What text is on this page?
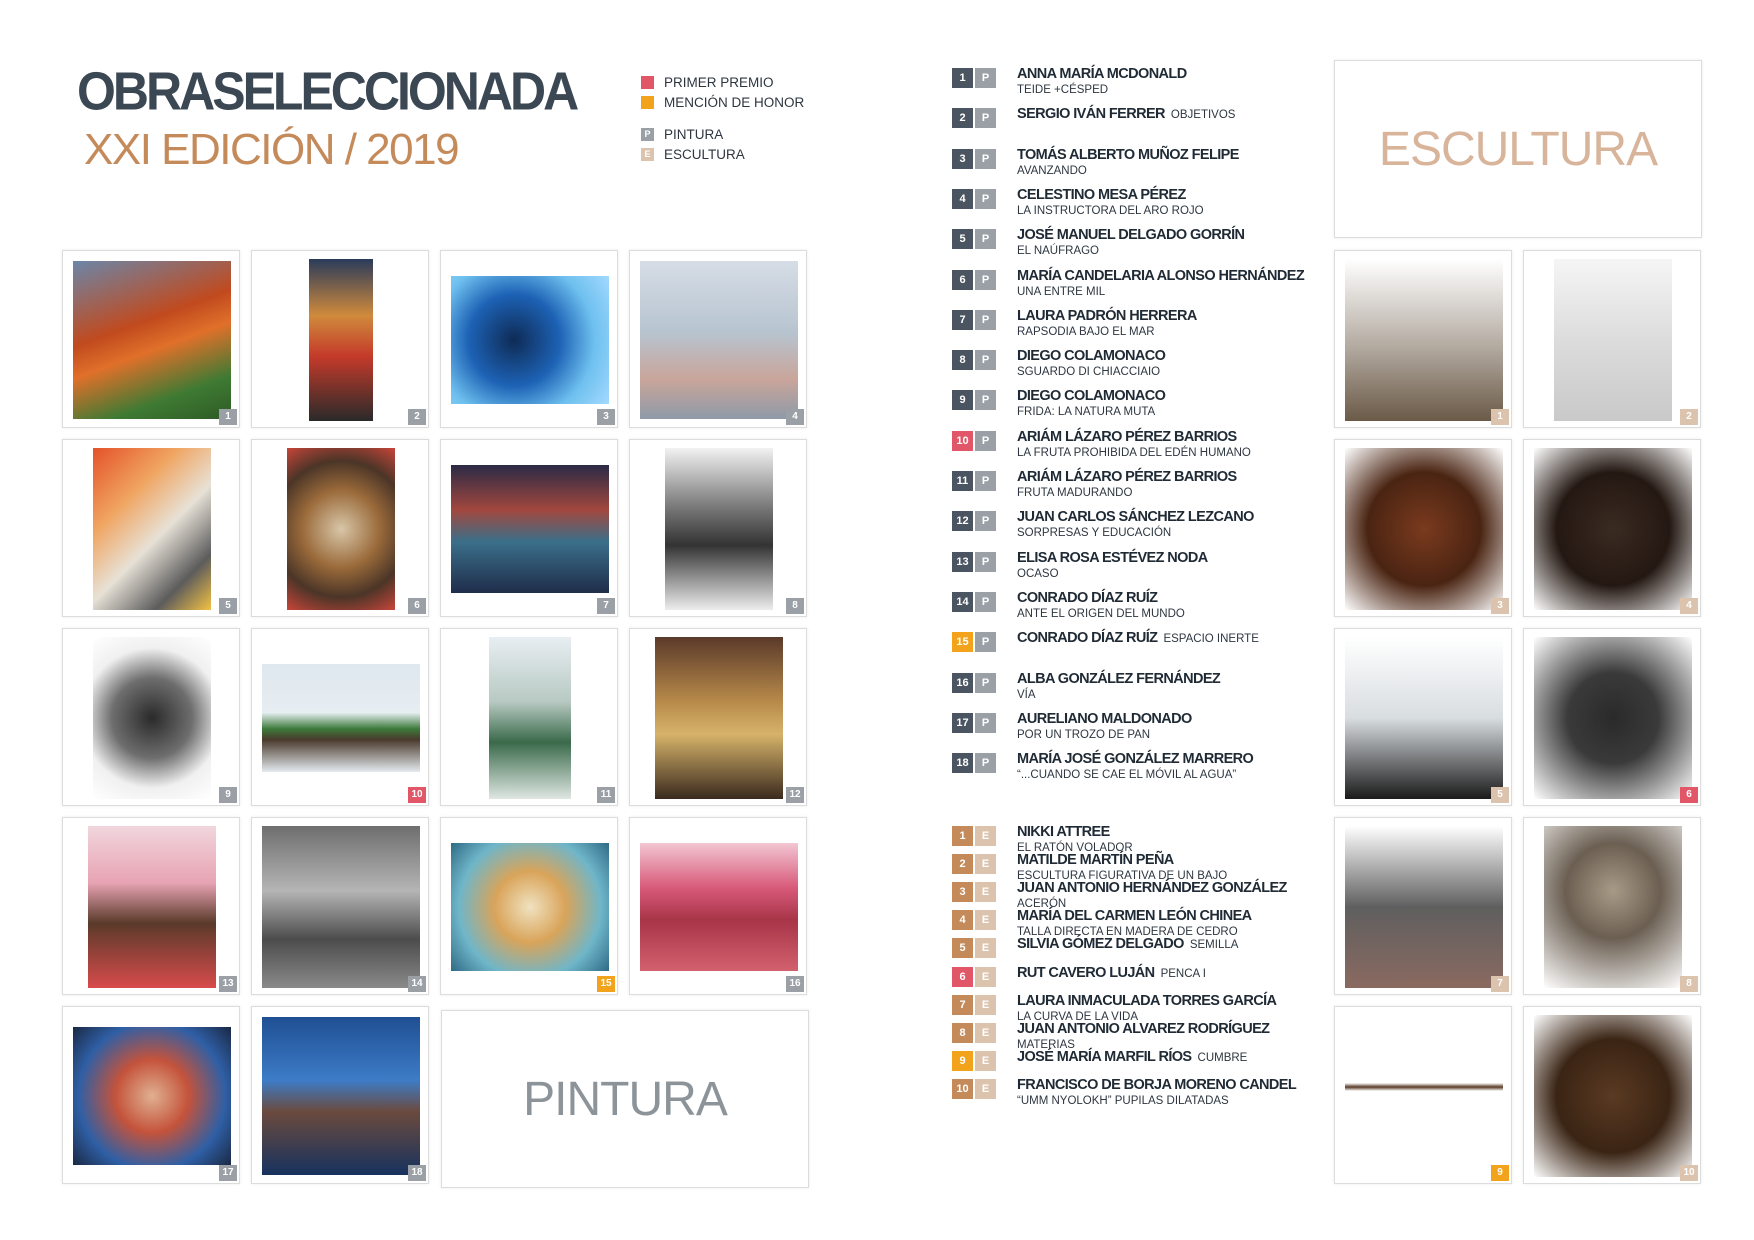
OBRASELECCIONADA
XXI EDICIÓN / 2019
PRIMER PREMIO
MENCIÓN DE HONOR
P PINTURA
E ESCULTURA
1	2	3	4
5	6	7	8
9	10	11	12
13	14	15	16
17	18
PINTURA
ESCULTURA
1	2
3	4
5	6
7	8
9	10
1	P	ANNA MARÍA MCDONALD
TEIDE +CÉSPED
2	P	SERGIO IVÁN FERRER OBJETIVOS
3	P	TOMÁS ALBERTO MUÑOZ FELIPE
AVANZANDO
4	P	CELESTINO MESA PÉREZ
LA INSTRUCTORA DEL ARO ROJO
5	P	JOSÉ MANUEL DELGADO GORRÍN
EL NAÚFRAGO
6	P	MARÍA CANDELARIA ALONSO HERNÁNDEZ
UNA ENTRE MIL
7	P	LAURA PADRÓN HERRERA
RAPSODIA BAJO EL MAR
8	P	DIEGO COLAMONACO
SGUARDO DI CHIACCIAIO
9	P	DIEGO COLAMONACO
FRIDA: LA NATURA MUTA
10	P	ARIÁM LÁZARO PÉREZ BARRIOS
LA FRUTA PROHIBIDA DEL EDÉN HUMANO
11	P	ARIÁM LÁZARO PÉREZ BARRIOS
FRUTA MADURANDO
12	P	JUAN CARLOS SÁNCHEZ LEZCANO
SORPRESAS Y EDUCACIÓN
13	P	ELISA ROSA ESTÉVEZ NODA
OCASO
14	P	CONRADO DÍAZ RUÍZ
ANTE EL ORIGEN DEL MUNDO
15	P	CONRADO DÍAZ RUÍZ ESPACIO INERTE
16	P	ALBA GONZÁLEZ FERNÁNDEZ
VÍA
17	P	AURELIANO MALDONADO
POR UN TROZO DE PAN
18	P	MARÍA JOSÉ GONZÁLEZ MARRERO
“...CUANDO SE CAE EL MÓVIL AL AGUA”
1	E	NIKKI ATTREE
EL RATÓN VOLADOR
2	E	MATILDE MARTÍN PEÑA
ESCULTURA FIGURATIVA DE UN BAJO
3	E	JUAN ANTONIO HERNÁNDEZ GONZÁLEZ
ACERÓN
4	E	MARÍA DEL CARMEN LEÓN CHINEA
TALLA DIRECTA EN MADERA DE CEDRO
5	E	SILVIA GÓMEZ DELGADO SEMILLA
6	E	RUT CAVERO LUJÁN PENCA I
7	E	LAURA INMACULADA TORRES GARCÍA
LA CURVA DE LA VIDA
8	E	JUAN ANTONIO ALVAREZ RODRÍGUEZ
MATERIAS
9	E	JOSÉ MARÍA MARFIL RÍOS CUMBRE
10	E	FRANCISCO DE BORJA MORENO CANDEL
“UMM NYOLOKH” PUPILAS DILATADAS
